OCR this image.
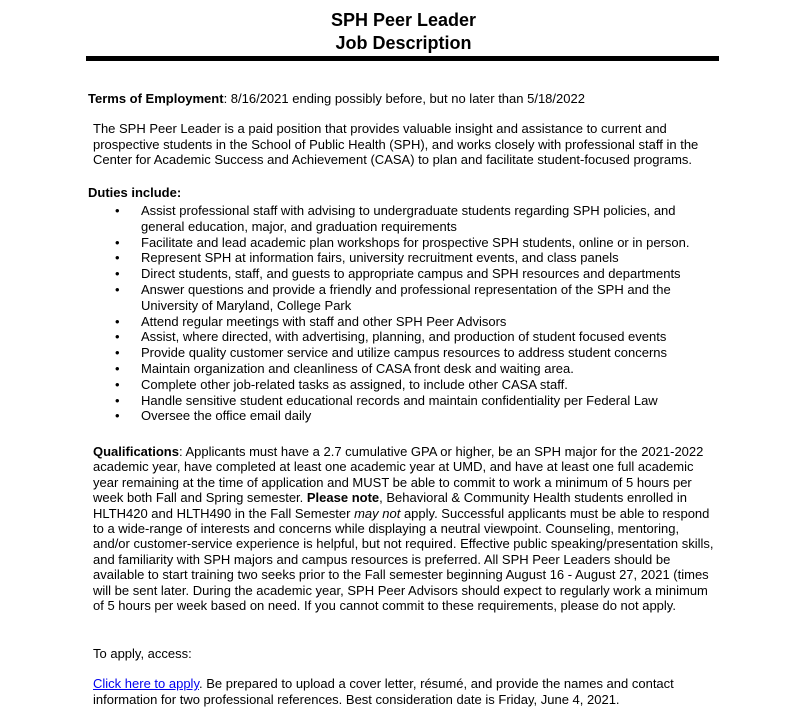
SPH Peer Leader
Job Description
Terms of Employment: 8/16/2021 ending possibly before, but no later than 5/18/2022
The SPH Peer Leader is a paid position that provides valuable insight and assistance to current and prospective students in the School of Public Health (SPH), and works closely with professional staff in the Center for Academic Success and Achievement (CASA) to plan and facilitate student-focused programs.
Duties include:
• Assist professional staff with advising to undergraduate students regarding SPH policies, and general education, major, and graduation requirements
• Facilitate and lead academic plan workshops for prospective SPH students, online or in person.
• Represent SPH at information fairs, university recruitment events, and class panels
• Direct students, staff, and guests to appropriate campus and SPH resources and departments
• Answer questions and provide a friendly and professional representation of the SPH and the University of Maryland, College Park
• Attend regular meetings with staff and other SPH Peer Advisors
• Assist, where directed, with advertising, planning, and production of student focused events
• Provide quality customer service and utilize campus resources to address student concerns
• Maintain organization and cleanliness of CASA front desk and waiting area.
• Complete other job-related tasks as assigned, to include other CASA staff.
• Handle sensitive student educational records and maintain confidentiality per Federal Law
• Oversee the office email daily
Qualifications: Applicants must have a 2.7 cumulative GPA or higher, be an SPH major for the 2021-2022 academic year, have completed at least one academic year at UMD, and have at least one full academic year remaining at the time of application and MUST be able to commit to work a minimum of 5 hours per week both Fall and Spring semester. Please note, Behavioral & Community Health students enrolled in HLTH420 and HLTH490 in the Fall Semester may not apply. Successful applicants must be able to respond to a wide-range of interests and concerns while displaying a neutral viewpoint. Counseling, mentoring, and/or customer-service experience is helpful, but not required. Effective public speaking/presentation skills, and familiarity with SPH majors and campus resources is preferred. All SPH Peer Leaders should be available to start training two seeks prior to the Fall semester beginning August 16 - August 27, 2021 (times will be sent later. During the academic year, SPH Peer Advisors should expect to regularly work a minimum of 5 hours per week based on need. If you cannot commit to these requirements, please do not apply.
To apply, access:
Click here to apply. Be prepared to upload a cover letter, résumé, and provide the names and contact information for two professional references. Best consideration date is Friday, June 4, 2021.
